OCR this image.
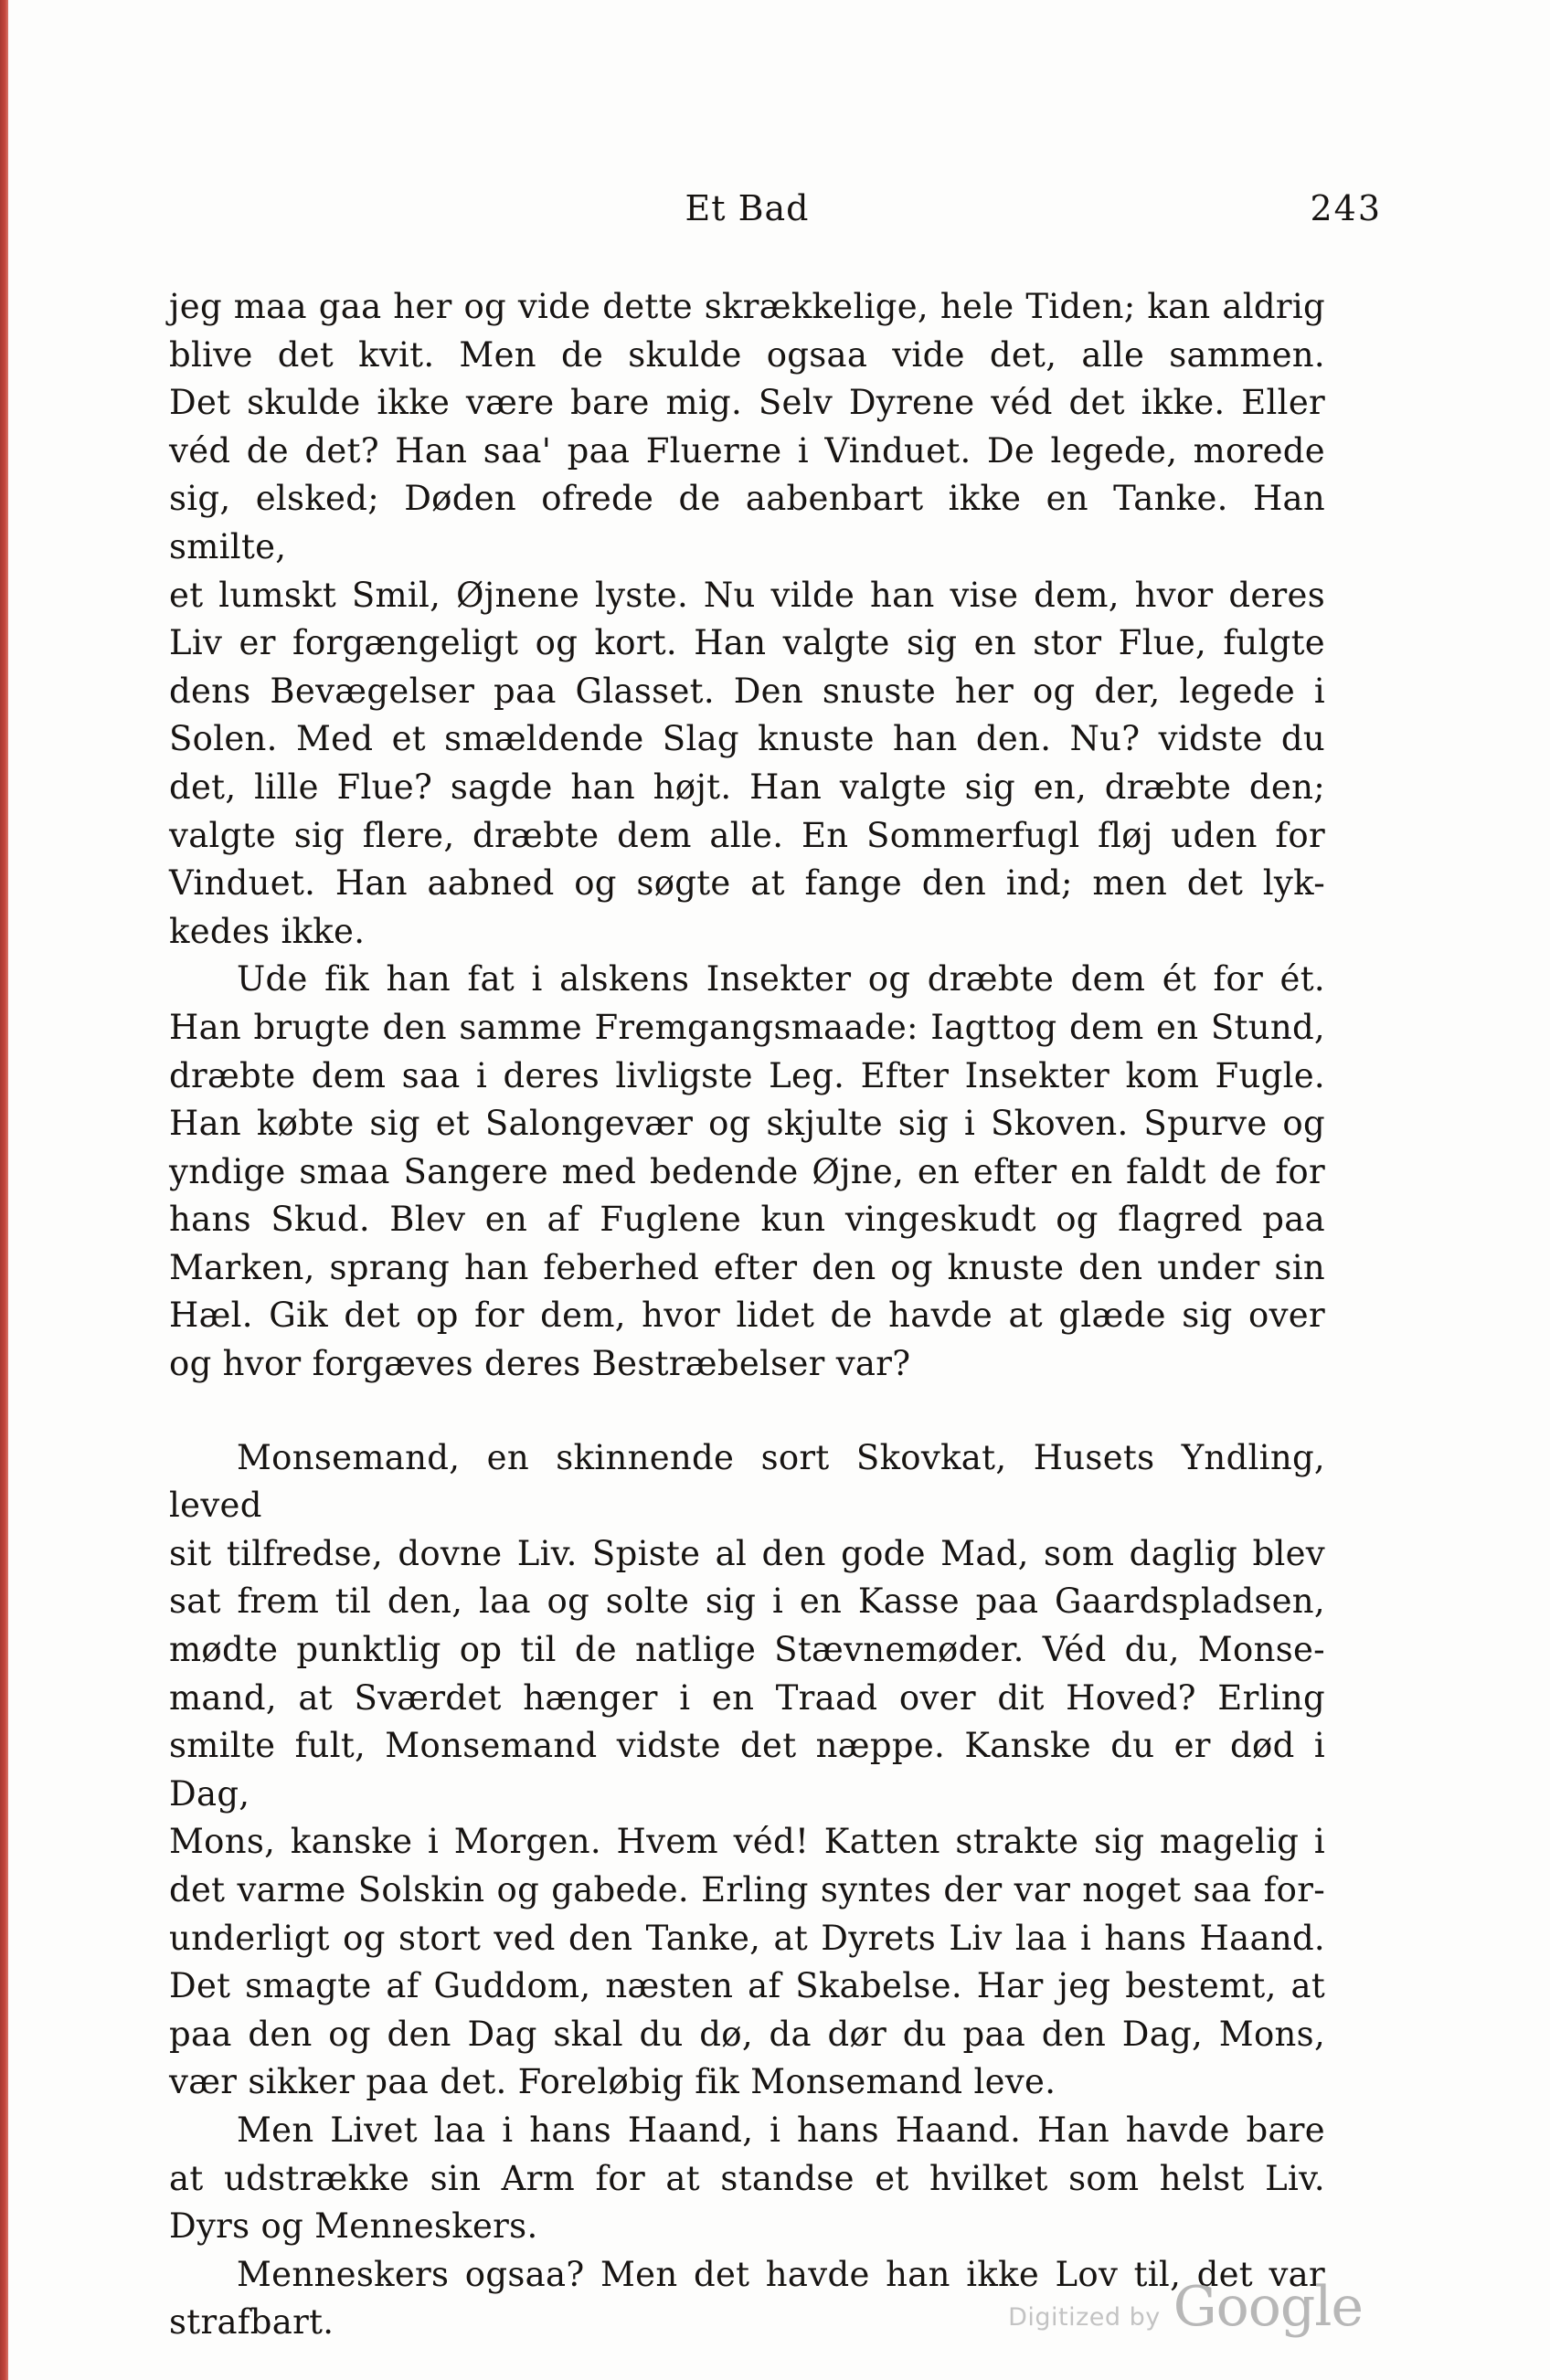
Et Bad	243
jeg maa gaa her og vide dette skrækkelige, hele Tiden; kan aldrig
blive det kvit. Men de skulde ogsaa vide det, alle sammen.
Det skulde ikke være bare mig. Selv Dyrene véd det ikke. Eller
véd de det? Han saa' paa Fluerne i Vinduet. De legede, morede
sig, elsked; Døden ofrede de aabenbart ikke en Tanke. Han smilte,
et lumskt Smil, Øjnene lyste. Nu vilde han vise dem, hvor deres
Liv er forgængeligt og kort. Han valgte sig en stor Flue, fulgte
dens Bevægelser paa Glasset. Den snuste her og der, legede i
Solen. Med et smældende Slag knuste han den. Nu? vidste du
det, lille Flue? sagde han højt. Han valgte sig en, dræbte den;
valgte sig flere, dræbte dem alle. En Sommerfugl fløj uden for
Vinduet. Han aabned og søgte at fange den ind; men det lyk-
kedes ikke.
Ude fik han fat i alskens Insekter og dræbte dem ét for ét.
Han brugte den samme Fremgangsmaade: Iagttog dem en Stund,
dræbte dem saa i deres livligste Leg. Efter Insekter kom Fugle.
Han købte sig et Salongevær og skjulte sig i Skoven. Spurve og
yndige smaa Sangere med bedende Øjne, en efter en faldt de for
hans Skud. Blev en af Fuglene kun vingeskudt og flagred paa
Marken, sprang han feberhed efter den og knuste den under sin
Hæl. Gik det op for dem, hvor lidet de havde at glæde sig over
og hvor forgæves deres Bestræbelser var?
Monsemand, en skinnende sort Skovkat, Husets Yndling, leved
sit tilfredse, dovne Liv. Spiste al den gode Mad, som daglig blev
sat frem til den, laa og solte sig i en Kasse paa Gaardspladsen,
mødte punktlig op til de natlige Stævnemøder. Véd du, Monse-
mand, at Sværdet hænger i en Traad over dit Hoved? Erling
smilte fult, Monsemand vidste det næppe. Kanske du er død i Dag,
Mons, kanske i Morgen. Hvem véd! Katten strakte sig magelig i
det varme Solskin og gabede. Erling syntes der var noget saa for-
underligt og stort ved den Tanke, at Dyrets Liv laa i hans Haand.
Det smagte af Guddom, næsten af Skabelse. Har jeg bestemt, at
paa den og den Dag skal du dø, da dør du paa den Dag, Mons,
vær sikker paa det. Foreløbig fik Monsemand leve.
Men Livet laa i hans Haand, i hans Haand. Han havde bare
at udstrække sin Arm for at standse et hvilket som helst Liv.
Dyrs og Menneskers.
Menneskers ogsaa? Men det havde han ikke Lov til, det var
strafbart.	Digitized by Google
